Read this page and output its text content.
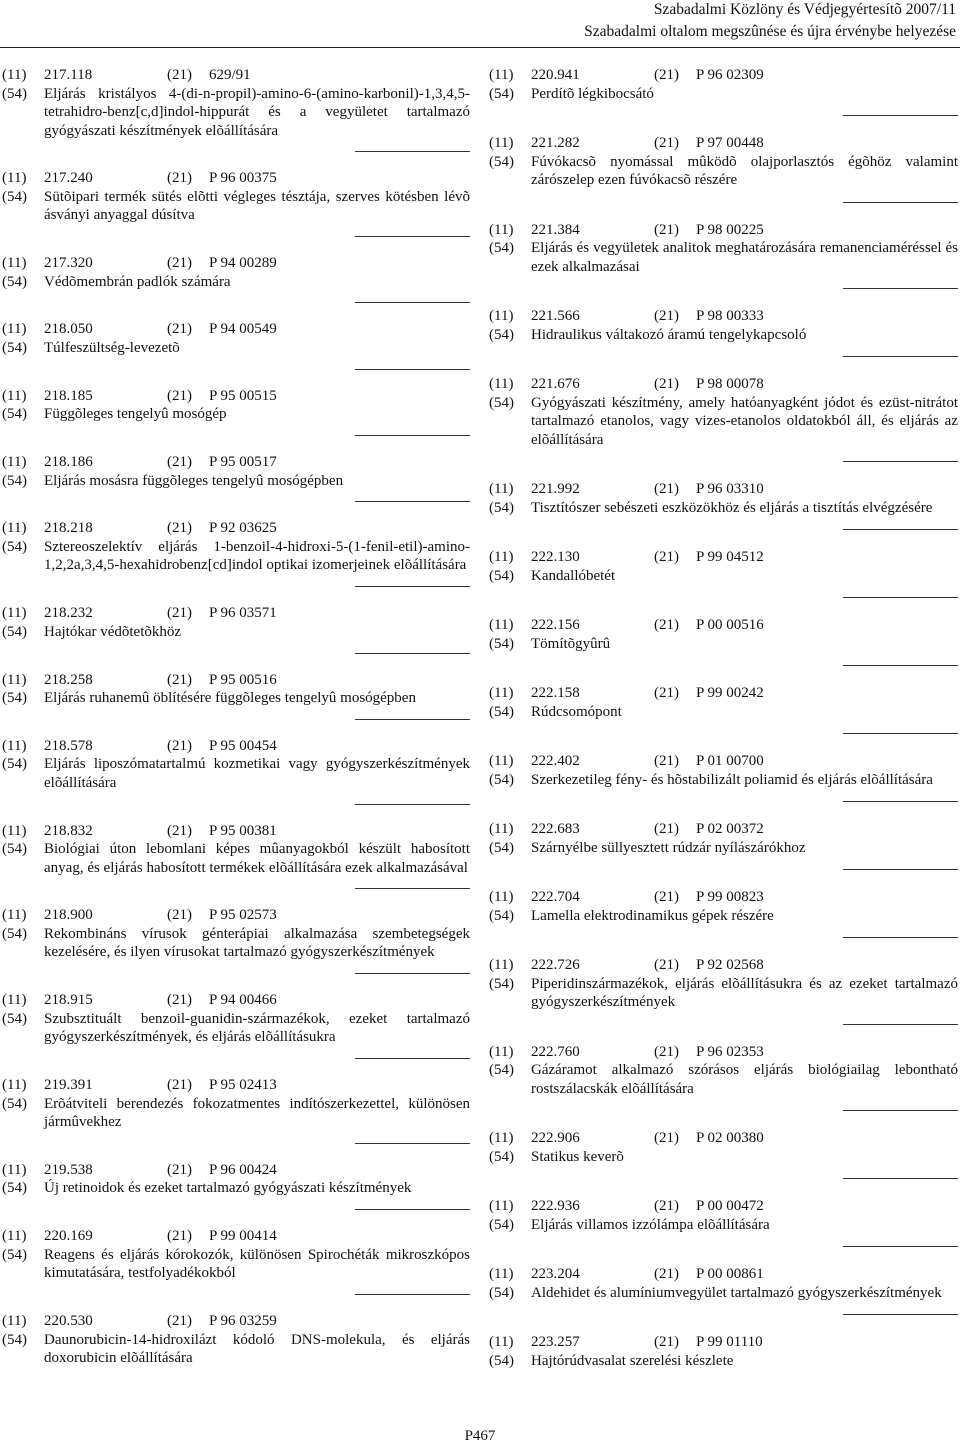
Szabadalmi Közlöny és Védjegyértesítõ 2007/11
Szabadalmi oltalom megszûnése és újra érvénybe helyezése
(11)	217.118	(21)	629/91
(54)	Eljárás kristályos 4-(di-n-propil)-amino-6-(amino-karbonil)-1,3,4,5-tetrahidro-benz[c,d]indol-hippurát és a vegyületet tartalmazó gyógyászati készítmények elõállítására
(11)	217.240	(21)	P 96 00375
(54)	Sütõipari termék sütés elõtti végleges tésztája, szerves kötésben lévõ ásványi anyaggal dúsítva
(11)	217.320	(21)	P 94 00289
(54)	Védõmembrán padlók számára
(11)	218.050	(21)	P 94 00549
(54)	Túlfeszültség-levezetõ
(11)	218.185	(21)	P 95 00515
(54)	Függõleges tengelyû mosógép
(11)	218.186	(21)	P 95 00517
(54)	Eljárás mosásra függõleges tengelyû mosógépben
(11)	218.218	(21)	P 92 03625
(54)	Sztereoszelektív eljárás 1-benzoil-4-hidroxi-5-(1-fenil-etil)-amino-1,2,2a,3,4,5-hexahidrobenz[cd]indol optikai izomerjeinek elõállítására
(11)	218.232	(21)	P 96 03571
(54)	Hajtókar védõtetõkhöz
(11)	218.258	(21)	P 95 00516
(54)	Eljárás ruhanemû öblítésére függõleges tengelyû mosógépben
(11)	218.578	(21)	P 95 00454
(54)	Eljárás liposzómatartalmú kozmetikai vagy gyógyszerkészítmények elõállítására
(11)	218.832	(21)	P 95 00381
(54)	Biológiai úton lebomlani képes mûanyagokból készült habosított anyag, és eljárás habosított termékek elõállítására ezek alkalmazásával
(11)	218.900	(21)	P 95 02573
(54)	Rekombináns vírusok génterápiai alkalmazása szembetegségek kezelésére, és ilyen vírusokat tartalmazó gyógyszerkészítmények
(11)	218.915	(21)	P 94 00466
(54)	Szubsztituált benzoil-guanidin-származékok, ezeket tartalmazó gyógyszerkészítmények, és eljárás elõállításukra
(11)	219.391	(21)	P 95 02413
(54)	Erõátviteli berendezés fokozatmentes indítószerkezettel, különösen jármûvekhez
(11)	219.538	(21)	P 96 00424
(54)	Új retinoidok és ezeket tartalmazó gyógyászati készítmények
(11)	220.169	(21)	P 99 00414
(54)	Reagens és eljárás kórokozók, különösen Spirochéták mikroszkópos kimutatására, testfolyadékokból
(11)	220.530	(21)	P 96 03259
(54)	Daunorubicin-14-hidroxilázt kódoló DNS-molekula, és eljárás doxorubicin elõállítására
(11)	220.941	(21)	P 96 02309
(54)	Perdítõ légkibocsátó
(11)	221.282	(21)	P 97 00448
(54)	Fúvókacsõ nyomással mûködõ olajporlasztós égõhöz valamint zárószelep ezen fúvókacsõ részére
(11)	221.384	(21)	P 98 00225
(54)	Eljárás és vegyületek analitok meghatározására remanenciaméréssel és ezek alkalmazásai
(11)	221.566	(21)	P 98 00333
(54)	Hidraulikus váltakozó áramú tengelykapcsoló
(11)	221.676	(21)	P 98 00078
(54)	Gyógyászati készítmény, amely hatóanyagként jódot és ezüst-nitrátot tartalmazó etanolos, vagy vizes-etanolos oldatokból áll, és eljárás az elõállítására
(11)	221.992	(21)	P 96 03310
(54)	Tisztítószer sebészeti eszközökhöz és eljárás a tisztítás elvégzésére
(11)	222.130	(21)	P 99 04512
(54)	Kandallóbetét
(11)	222.156	(21)	P 00 00516
(54)	Tömítõgyûrû
(11)	222.158	(21)	P 99 00242
(54)	Rúdcsomópont
(11)	222.402	(21)	P 01 00700
(54)	Szerkezetileg fény- és hõstabilizált poliamid és eljárás elõállítására
(11)	222.683	(21)	P 02 00372
(54)	Szárnyélbe süllyesztett rúdzár nyílászárókhoz
(11)	222.704	(21)	P 99 00823
(54)	Lamella elektrodinamikus gépek részére
(11)	222.726	(21)	P 92 02568
(54)	Piperidinszármazékok, eljárás elõállításukra és az ezeket tartalmazó gyógyszerkészítmények
(11)	222.760	(21)	P 96 02353
(54)	Gázáramot alkalmazó szórásos eljárás biológiailag lebontható rostszálacskák elõállítására
(11)	222.906	(21)	P 02 00380
(54)	Statikus keverõ
(11)	222.936	(21)	P 00 00472
(54)	Eljárás villamos izzólámpa elõállítására
(11)	223.204	(21)	P 00 00861
(54)	Aldehidet és alumíniumvegyület tartalmazó gyógyszerkészítmények
(11)	223.257	(21)	P 99 01110
(54)	Hajtórúdvasalat szerelési készlete
P467
